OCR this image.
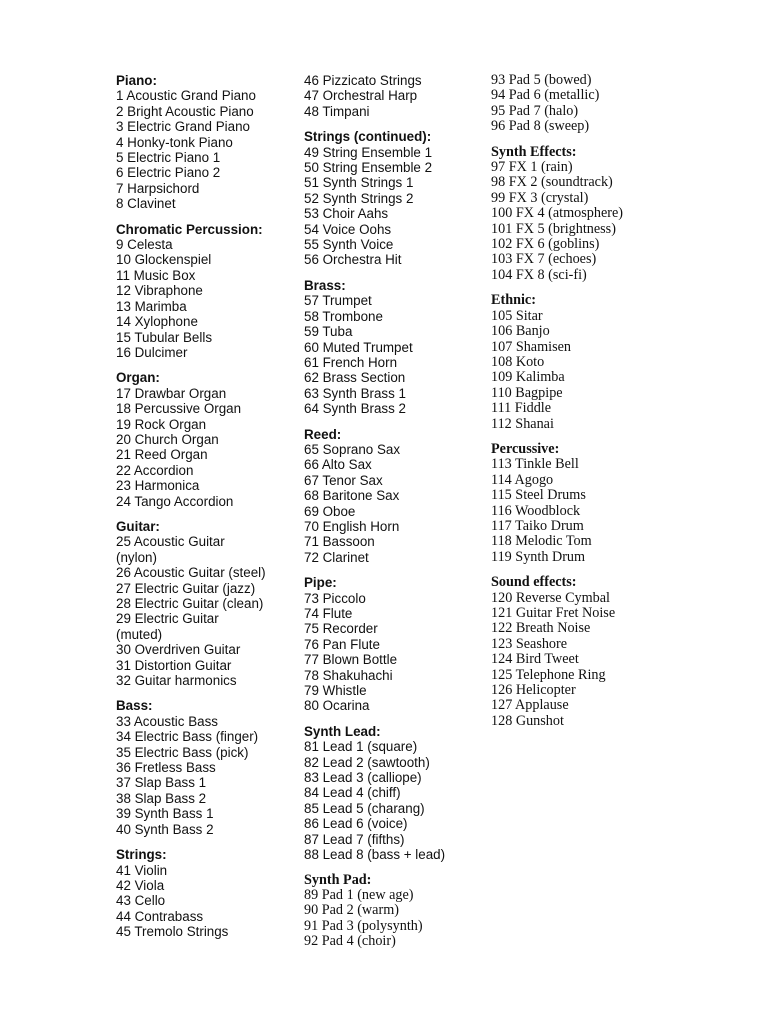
Piano:
1 Acoustic Grand Piano
2 Bright Acoustic Piano
3 Electric Grand Piano
4 Honky-tonk Piano
5 Electric Piano 1
6 Electric Piano 2
7 Harpsichord
8 Clavinet
Chromatic Percussion:
9 Celesta
10 Glockenspiel
11 Music Box
12 Vibraphone
13 Marimba
14 Xylophone
15 Tubular Bells
16 Dulcimer
Organ:
17 Drawbar Organ
18 Percussive Organ
19 Rock Organ
20 Church Organ
21 Reed Organ
22 Accordion
23 Harmonica
24 Tango Accordion
Guitar:
25 Acoustic Guitar (nylon)
26 Acoustic Guitar (steel)
27 Electric Guitar (jazz)
28 Electric Guitar (clean)
29 Electric Guitar (muted)
30 Overdriven Guitar
31 Distortion Guitar
32 Guitar harmonics
Bass:
33 Acoustic Bass
34 Electric Bass (finger)
35 Electric Bass (pick)
36 Fretless Bass
37 Slap Bass 1
38 Slap Bass 2
39 Synth Bass 1
40 Synth Bass 2
Strings:
41 Violin
42 Viola
43 Cello
44 Contrabass
45 Tremolo Strings
46 Pizzicato Strings
47 Orchestral Harp
48 Timpani
Strings (continued):
49 String Ensemble 1
50 String Ensemble 2
51 Synth Strings 1
52 Synth Strings 2
53 Choir Aahs
54 Voice Oohs
55 Synth Voice
56 Orchestra Hit
Brass:
57 Trumpet
58 Trombone
59 Tuba
60 Muted Trumpet
61 French Horn
62 Brass Section
63 Synth Brass 1
64 Synth Brass 2
Reed:
65 Soprano Sax
66 Alto Sax
67 Tenor Sax
68 Baritone Sax
69 Oboe
70 English Horn
71 Bassoon
72 Clarinet
Pipe:
73 Piccolo
74 Flute
75 Recorder
76 Pan Flute
77 Blown Bottle
78 Shakuhachi
79 Whistle
80 Ocarina
Synth Lead:
81 Lead 1 (square)
82 Lead 2 (sawtooth)
83 Lead 3 (calliope)
84 Lead 4 (chiff)
85 Lead 5 (charang)
86 Lead 6 (voice)
87 Lead 7 (fifths)
88 Lead 8 (bass + lead)
Synth Pad:
89 Pad 1 (new age)
90 Pad 2 (warm)
91 Pad 3 (polysynth)
92 Pad 4 (choir)
93 Pad 5 (bowed)
94 Pad 6 (metallic)
95 Pad 7 (halo)
96 Pad 8 (sweep)
Synth Effects:
97 FX 1 (rain)
98 FX 2 (soundtrack)
99 FX 3 (crystal)
100 FX 4 (atmosphere)
101 FX 5 (brightness)
102 FX 6 (goblins)
103 FX 7 (echoes)
104 FX 8 (sci-fi)
Ethnic:
105 Sitar
106 Banjo
107 Shamisen
108 Koto
109 Kalimba
110 Bagpipe
111 Fiddle
112 Shanai
Percussive:
113 Tinkle Bell
114 Agogo
115 Steel Drums
116 Woodblock
117 Taiko Drum
118 Melodic Tom
119 Synth Drum
Sound effects:
120 Reverse Cymbal
121 Guitar Fret Noise
122 Breath Noise
123 Seashore
124 Bird Tweet
125 Telephone Ring
126 Helicopter
127 Applause
128 Gunshot
